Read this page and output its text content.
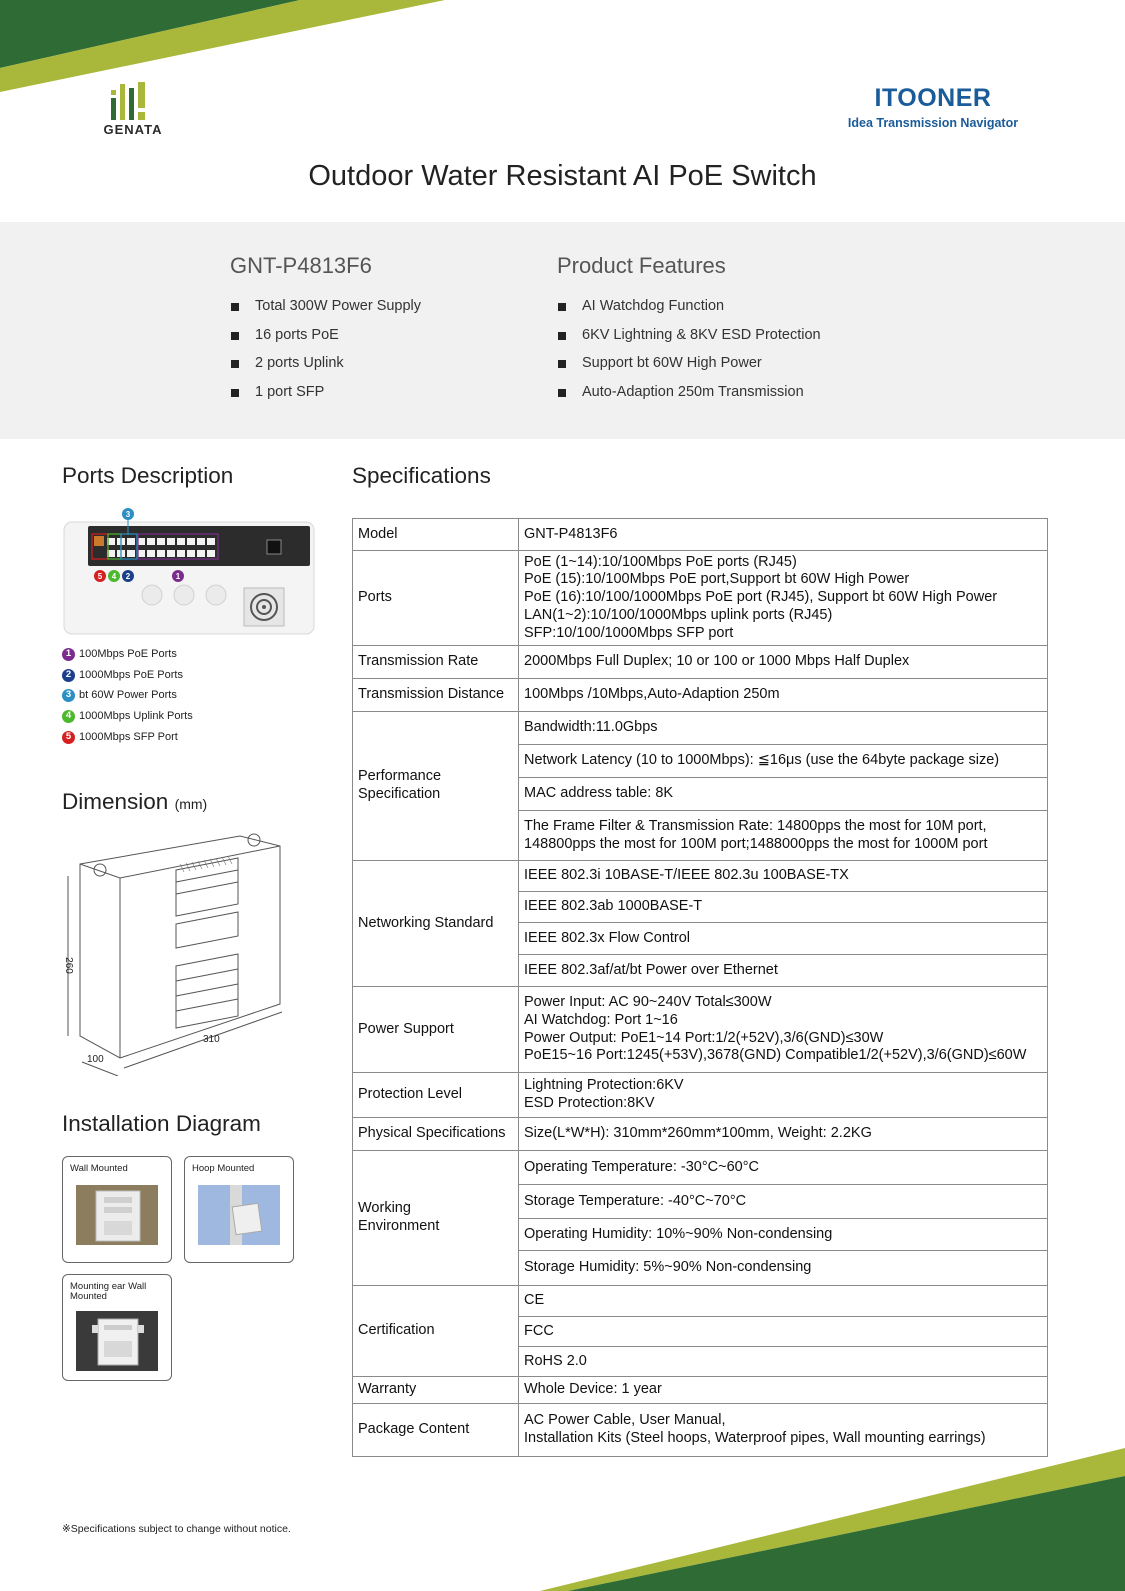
GENATA
ITOONER
Idea Transmission Navigator
Outdoor Water Resistant AI PoE Switch
GNT-P4813F6
Total 300W Power Supply
16 ports PoE
2 ports Uplink
1 port SFP
Product Features
AI Watchdog Function
6KV Lightning & 8KV ESD Protection
Support bt 60W High Power
Auto-Adaption 250m Transmission
Ports Description
3
5 4 2	1
1 100Mbps PoE Ports
2 1000Mbps PoE Ports
3 bt 60W Power Ports
4 1000Mbps Uplink Ports
5 1000Mbps SFP Port
Dimension (mm)
260
100
310
Installation Diagram
Wall Mounted	Hoop Mounted
Mounting ear Wall Mounted
Specifications
Model	GNT-P4813F6
Ports	PoE (1~14):10/100Mbps PoE ports (RJ45)
PoE (15):10/100Mbps PoE port,Support bt 60W High Power
PoE (16):10/100/1000Mbps PoE port (RJ45), Support bt 60W High Power
LAN(1~2):10/100/1000Mbps uplink ports (RJ45)
SFP:10/100/1000Mbps SFP port
Transmission Rate	2000Mbps Full Duplex; 10 or 100 or 1000 Mbps Half Duplex
Transmission Distance	100Mbps /10Mbps,Auto-Adaption 250m
Performance
Specification	Bandwidth:11.0Gbps
	Network Latency (10 to 1000Mbps): ≦16μs (use the 64byte package size)
	MAC address table: 8K
	The Frame Filter & Transmission Rate: 14800pps the most for 10M port,
148800pps the most for 100M port;1488000pps the most for 1000M port
Networking Standard	IEEE 802.3i 10BASE-T/IEEE 802.3u 100BASE-TX
	IEEE 802.3ab 1000BASE-T
	IEEE 802.3x Flow Control
	IEEE 802.3af/at/bt Power over Ethernet
Power Support	Power Input: AC 90~240V Total≤300W
AI Watchdog: Port 1~16
Power Output: PoE1~14 Port:1/2(+52V),3/6(GND)≤30W
PoE15~16 Port:1245(+53V),3678(GND) Compatible1/2(+52V),3/6(GND)≤60W
Protection Level	Lightning Protection:6KV
ESD Protection:8KV
Physical Specifications	Size(L*W*H): 310mm*260mm*100mm, Weight: 2.2KG
Working
Environment	Operating Temperature: -30°C~60°C
	Storage Temperature: -40°C~70°C
	Operating Humidity: 10%~90% Non-condensing
	Storage Humidity: 5%~90% Non-condensing
Certification	CE
	FCC
	RoHS 2.0
Warranty	Whole Device: 1 year
Package Content	AC Power Cable, User Manual,
Installation Kits (Steel hoops, Waterproof pipes, Wall mounting earrings)
※Specifications subject to change without notice.
